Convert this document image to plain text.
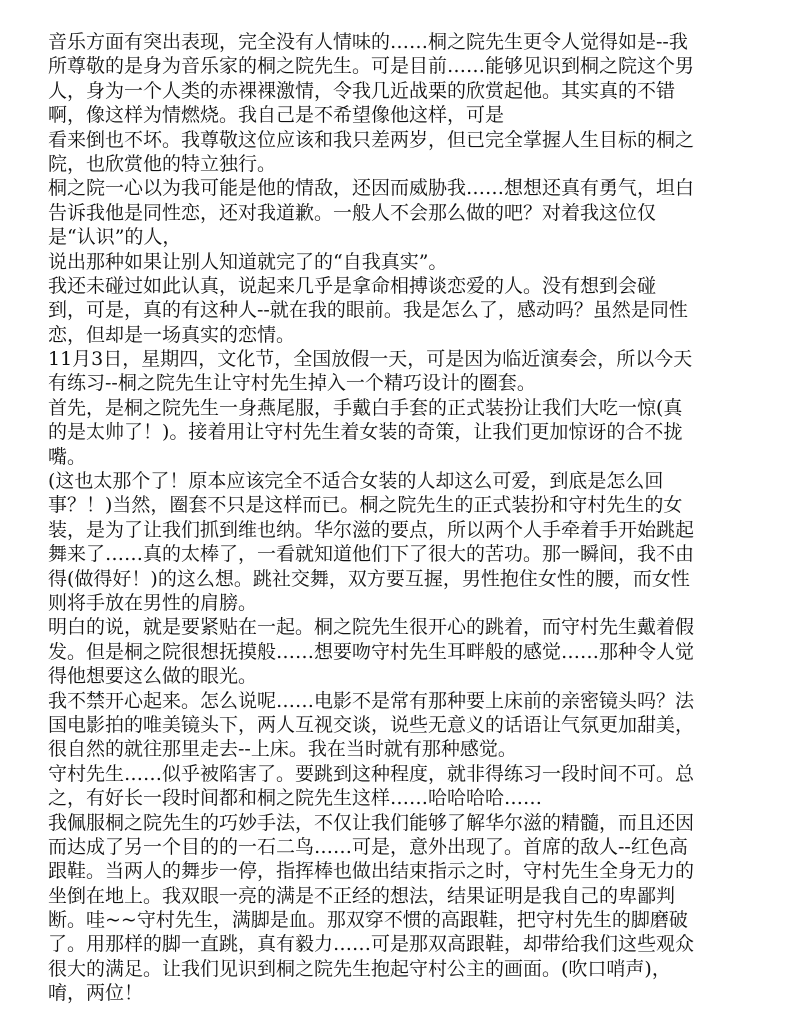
音乐方面有突出表现，完全没有人情味的……桐之院先生更令人觉得如是--我
所尊敬的是身为音乐家的桐之院先生。可是目前……能够见识到桐之院这个男
人，身为一个人类的赤裸裸激情，令我几近战栗的欣赏起他。其实真的不错
啊，像这样为情燃烧。我自己是不希望像他这样，可是
看来倒也不坏。我尊敬这位应该和我只差两岁，但已完全掌握人生目标的桐之
院，也欣赏他的特立独行。
桐之院一心以为我可能是他的情敌，还因而威胁我……想想还真有勇气，坦白
告诉我他是同性恋，还对我道歉。一般人不会那么做的吧？对着我这位仅
是“认识”的人，
说出那种如果让别人知道就完了的“自我真实”。
我还未碰过如此认真，说起来几乎是拿命相搏谈恋爱的人。没有想到会碰
到，可是，真的有这种人--就在我的眼前。我是怎么了，感动吗？虽然是同性
恋，但却是一场真实的恋情。
11月3日，星期四，文化节，全国放假一天，可是因为临近演奏会，所以今天
有练习--桐之院先生让守村先生掉入一个精巧设计的圈套。
首先，是桐之院先生一身燕尾服，手戴白手套的正式装扮让我们大吃一惊(真
的是太帅了！)。接着用让守村先生着女装的奇策，让我们更加惊讶的合不拢
嘴。
(这也太那个了！原本应该完全不适合女装的人却这么可爱，到底是怎么回
事？！)当然，圈套不只是这样而已。桐之院先生的正式装扮和守村先生的女
装，是为了让我们抓到维也纳。华尔滋的要点，所以两个人手牵着手开始跳起
舞来了……真的太棒了，一看就知道他们下了很大的苦功。那一瞬间，我不由
得(做得好！)的这么想。跳社交舞，双方要互握，男性抱住女性的腰，而女性
则将手放在男性的肩膀。
明白的说，就是要紧贴在一起。桐之院先生很开心的跳着，而守村先生戴着假
发。但是桐之院很想抚摸般……想要吻守村先生耳畔般的感觉……那种令人觉
得他想要这么做的眼光。
我不禁开心起来。怎么说呢……电影不是常有那种要上床前的亲密镜头吗？法
国电影拍的唯美镜头下，两人互视交谈，说些无意义的话语让气氛更加甜美，
很自然的就往那里走去--上床。我在当时就有那种感觉。
守村先生……似乎被陷害了。要跳到这种程度，就非得练习一段时间不可。总
之，有好长一段时间都和桐之院先生这样……哈哈哈哈……
我佩服桐之院先生的巧妙手法，不仅让我们能够了解华尔滋的精髓，而且还因
而达成了另一个目的的一石二鸟……可是，意外出现了。首席的敌人--红色高
跟鞋。当两人的舞步一停，指挥棒也做出结束指示之时，守村先生全身无力的
坐倒在地上。我双眼一亮的满是不正经的想法，结果证明是我自己的卑鄙判
断。哇~~守村先生，满脚是血。那双穿不惯的高跟鞋，把守村先生的脚磨破
了。用那样的脚一直跳，真有毅力……可是那双高跟鞋，却带给我们这些观众
很大的满足。让我们见识到桐之院先生抱起守村公主的画面。(吹口哨声)，
唷，两位！
